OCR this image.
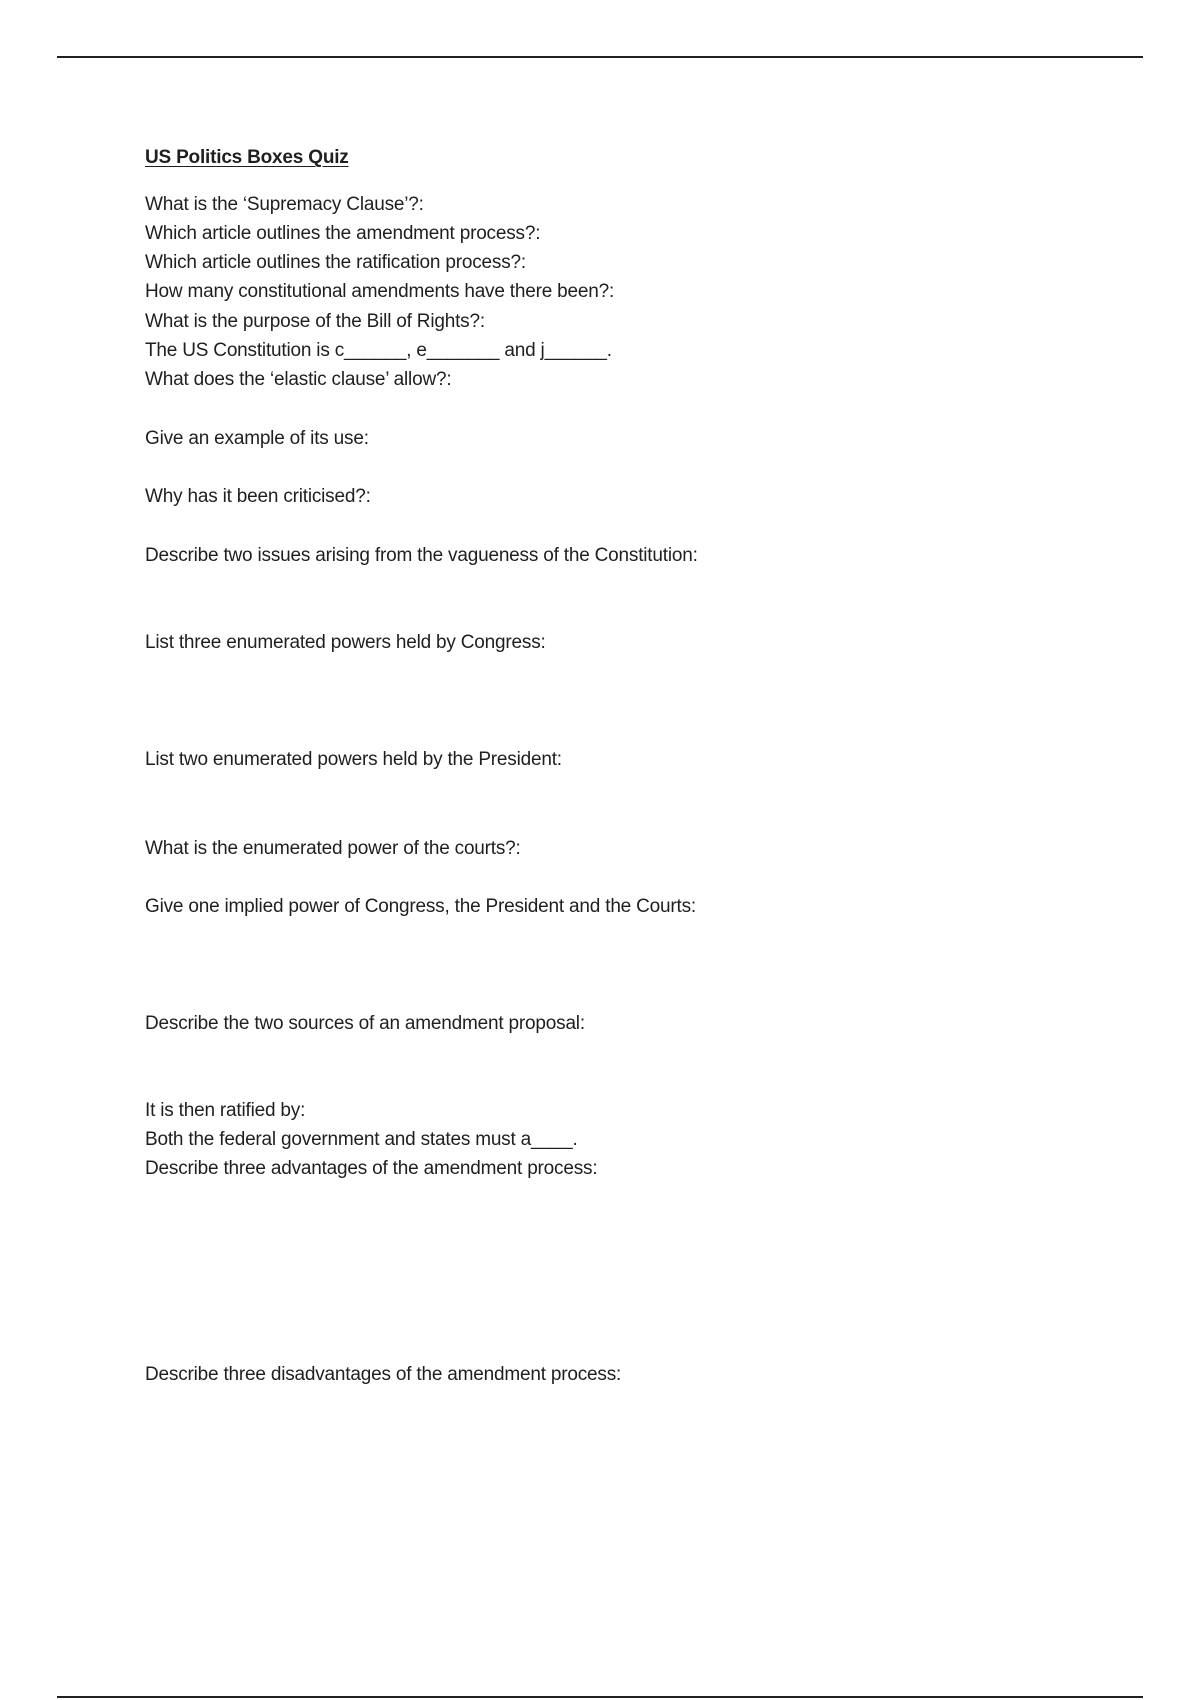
US Politics Boxes Quiz
What is the ‘Supremacy Clause’?:
Which article outlines the amendment process?:
Which article outlines the ratification process?:
How many constitutional amendments have there been?:
What is the purpose of the Bill of Rights?:
The US Constitution is c______, e_______ and j______.
What does the ‘elastic clause’ allow?:
Give an example of its use:
Why has it been criticised?:
Describe two issues arising from the vagueness of the Constitution:
List three enumerated powers held by Congress:
List two enumerated powers held by the President:
What is the enumerated power of the courts?:
Give one implied power of Congress, the President and the Courts:
Describe the two sources of an amendment proposal:
It is then ratified by:
Both the federal government and states must a____.
Describe three advantages of the amendment process:
Describe three disadvantages of the amendment process:
